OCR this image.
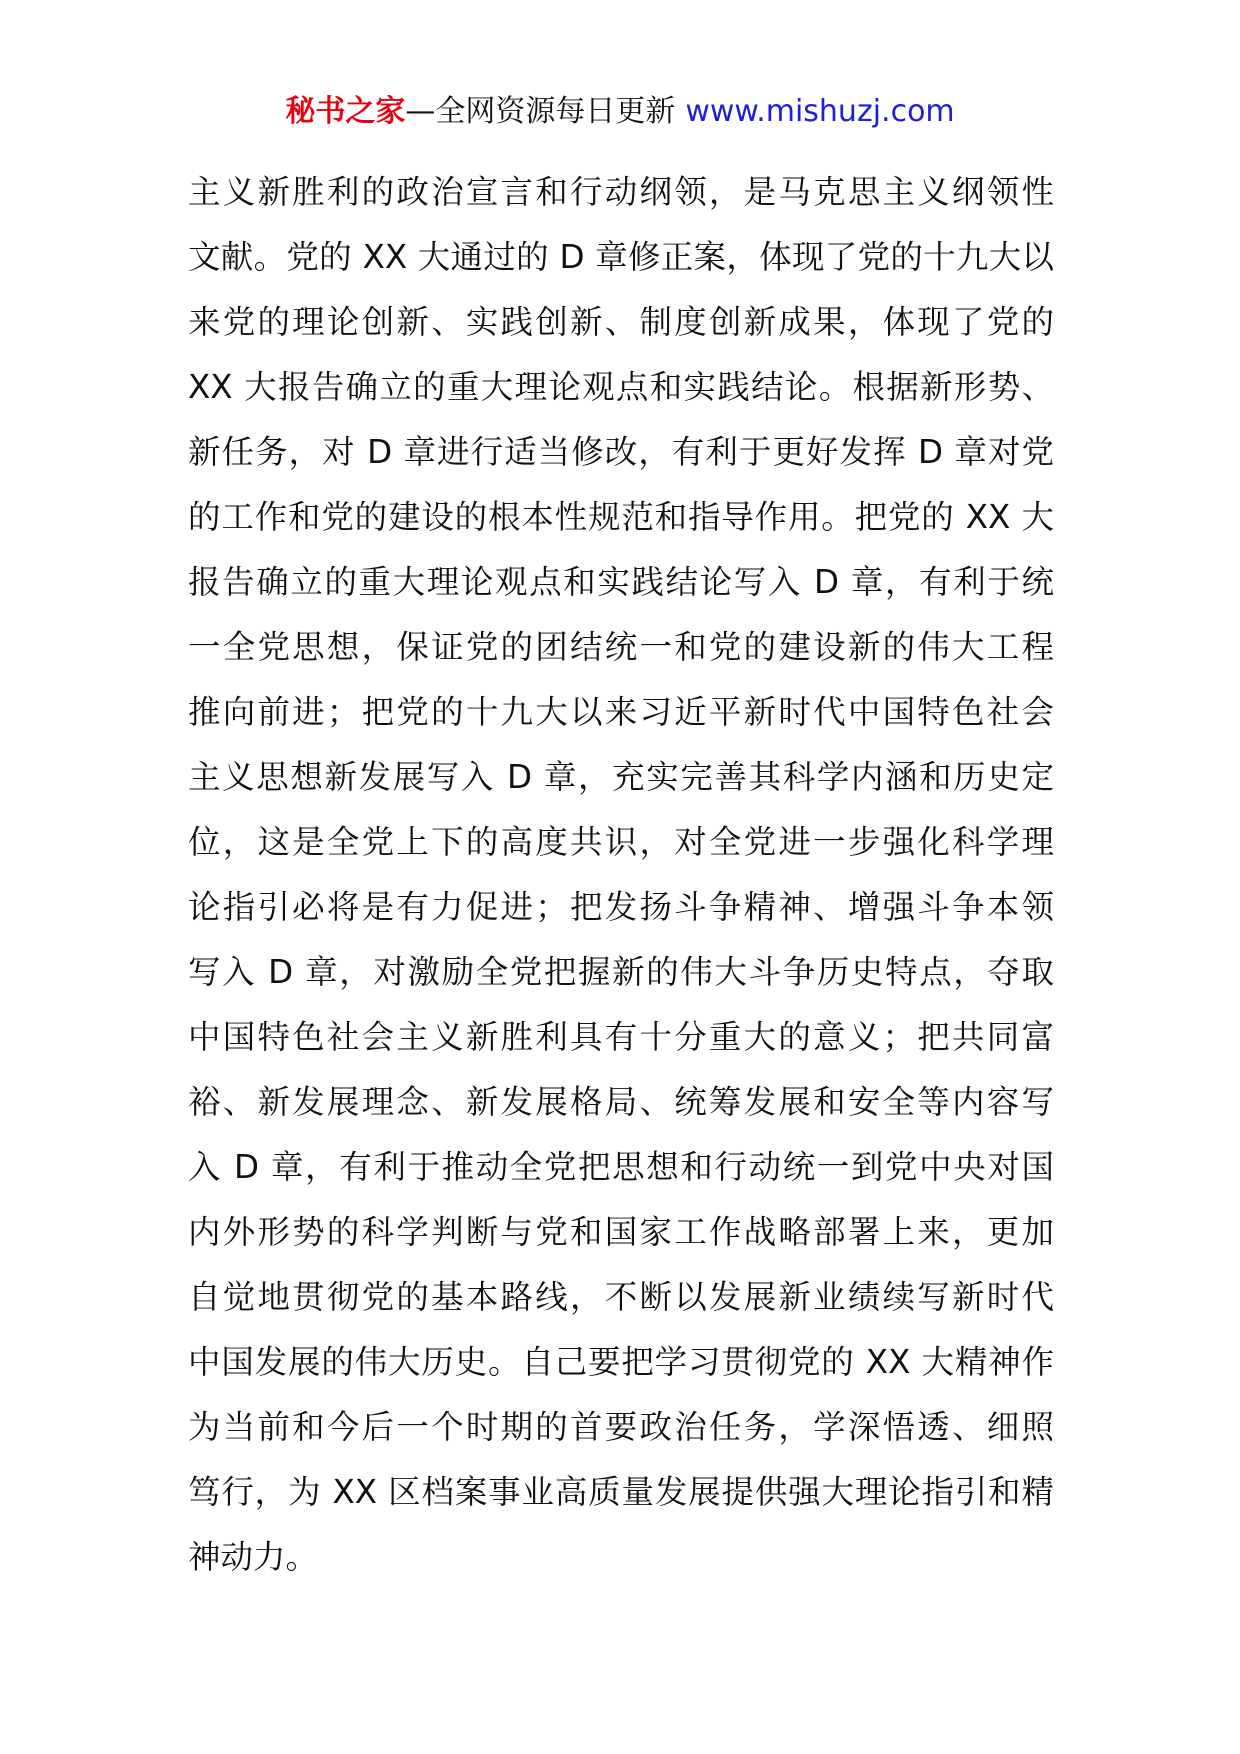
秘书之家—全网资源每日更新 www.mishuzj.com
主义新胜利的政治宣言和行动纲领，是马克思主义纲领性
文献。党的 XX 大通过的 D 章修正案，体现了党的十九大以
来党的理论创新、实践创新、制度创新成果，体现了党的
XX 大报告确立的重大理论观点和实践结论。根据新形势、
新任务，对 D 章进行适当修改，有利于更好发挥 D 章对党
的工作和党的建设的根本性规范和指导作用。把党的 XX 大
报告确立的重大理论观点和实践结论写入 D 章，有利于统
一全党思想，保证党的团结统一和党的建设新的伟大工程
推向前进；把党的十九大以来习近平新时代中国特色社会
主义思想新发展写入 D 章，充实完善其科学内涵和历史定
位，这是全党上下的高度共识，对全党进一步强化科学理
论指引必将是有力促进；把发扬斗争精神、增强斗争本领
写入 D 章，对激励全党把握新的伟大斗争历史特点，夺取
中国特色社会主义新胜利具有十分重大的意义；把共同富
裕、新发展理念、新发展格局、统筹发展和安全等内容写
入 D 章，有利于推动全党把思想和行动统一到党中央对国
内外形势的科学判断与党和国家工作战略部署上来，更加
自觉地贯彻党的基本路线，不断以发展新业绩续写新时代
中国发展的伟大历史。自己要把学习贯彻党的 XX 大精神作
为当前和今后一个时期的首要政治任务，学深悟透、细照
笃行，为 XX 区档案事业高质量发展提供强大理论指引和精
神动力。
